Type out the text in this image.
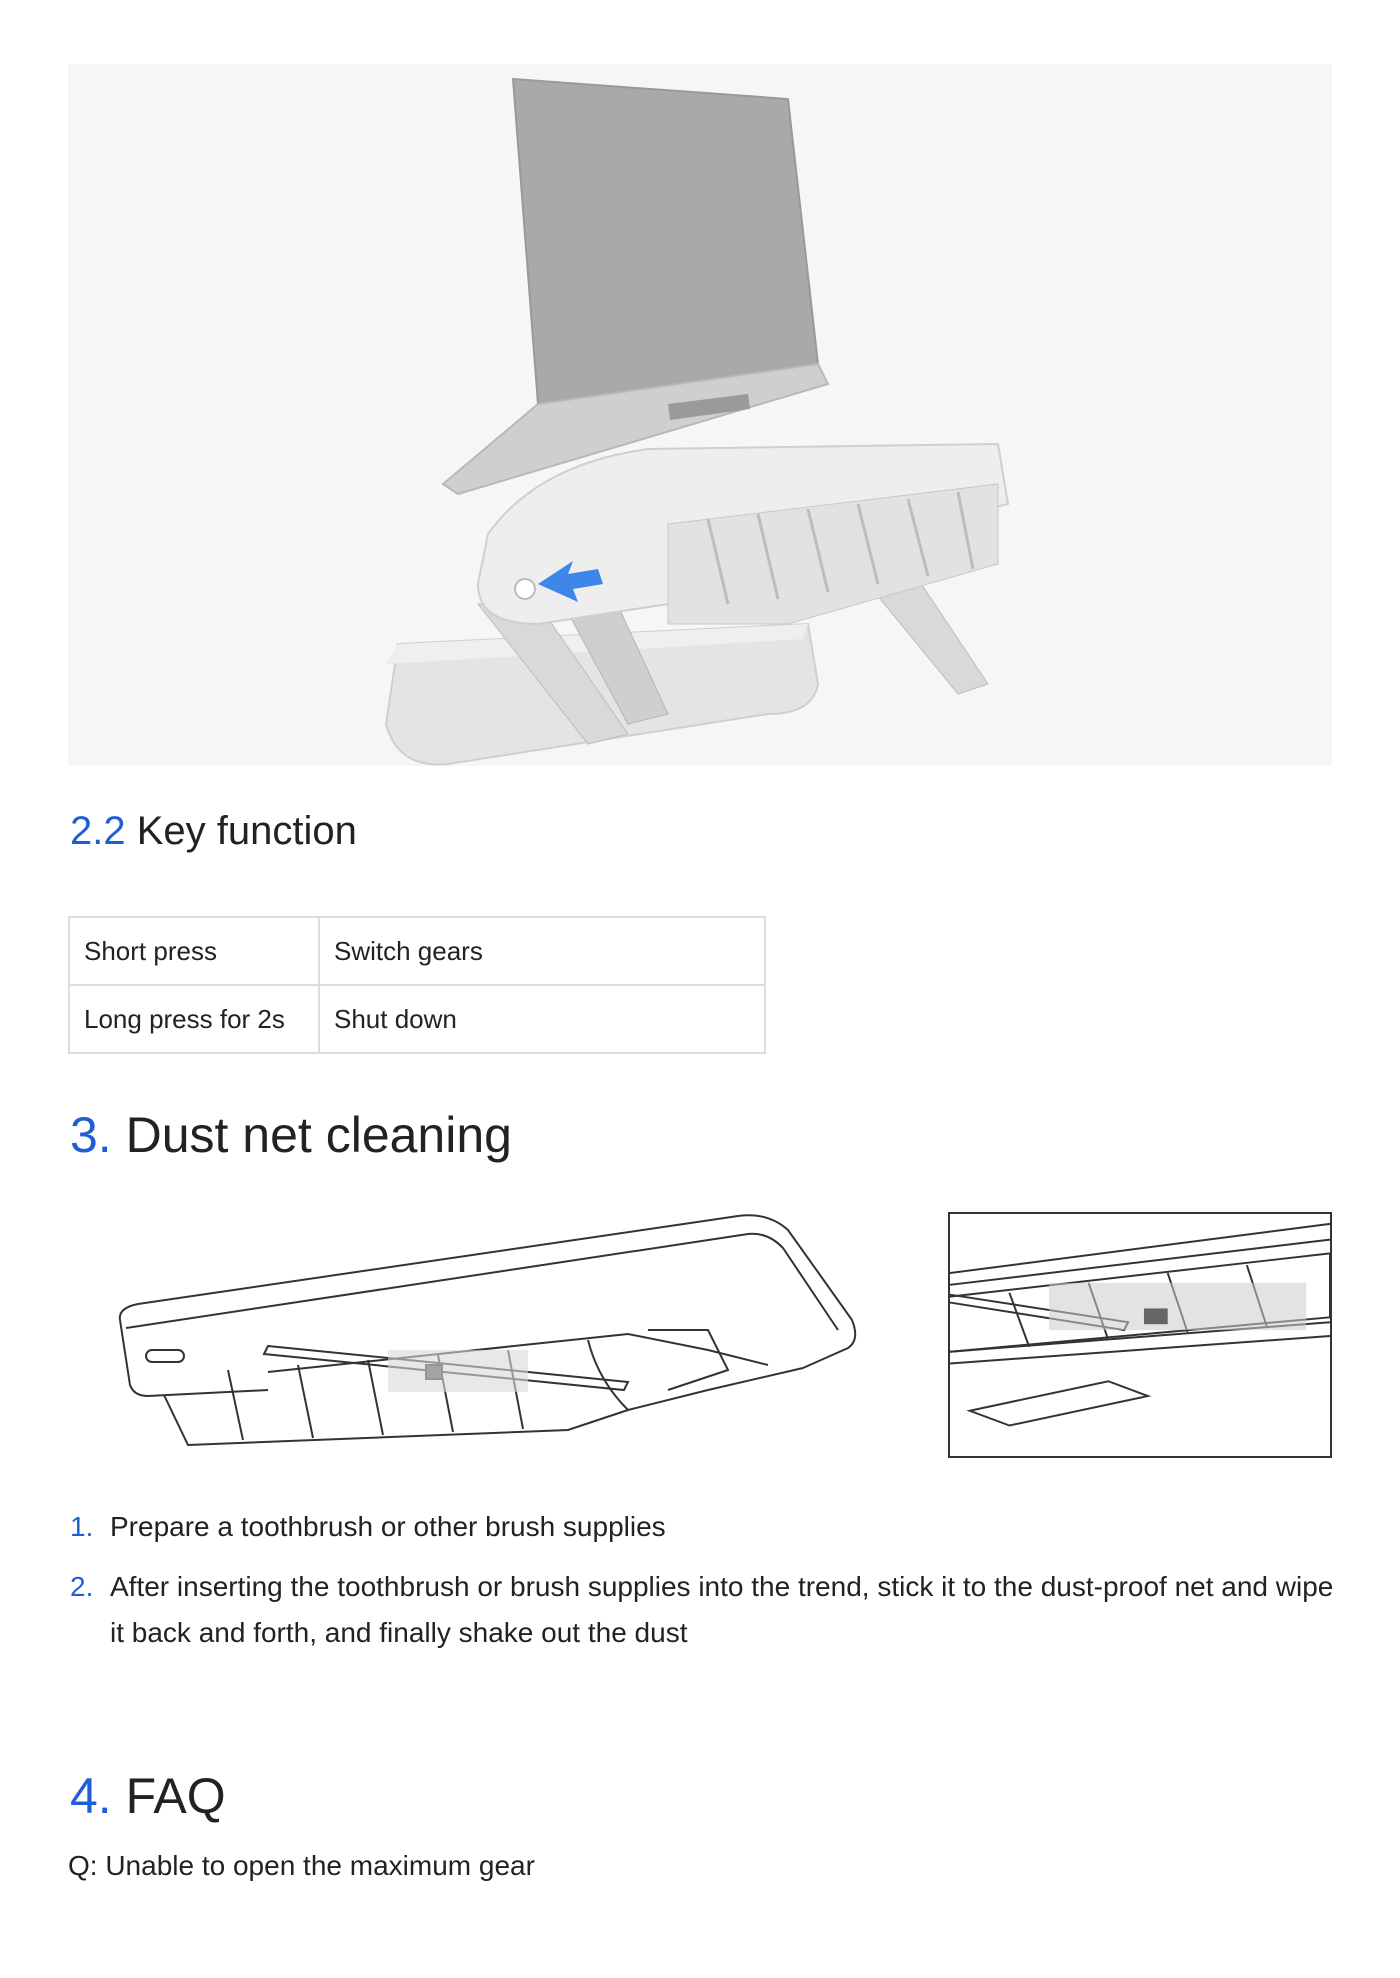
2.2 Key function
Short press	Switch gears
Long press for 2s	Shut down
3. Dust net cleaning
1. Prepare a toothbrush or other brush supplies
2. After inserting the toothbrush or brush supplies into the trend, stick it to the dust-proof net and wipe it back and forth, and finally shake out the dust
4. FAQ

Q: Unable to open the maximum gear
